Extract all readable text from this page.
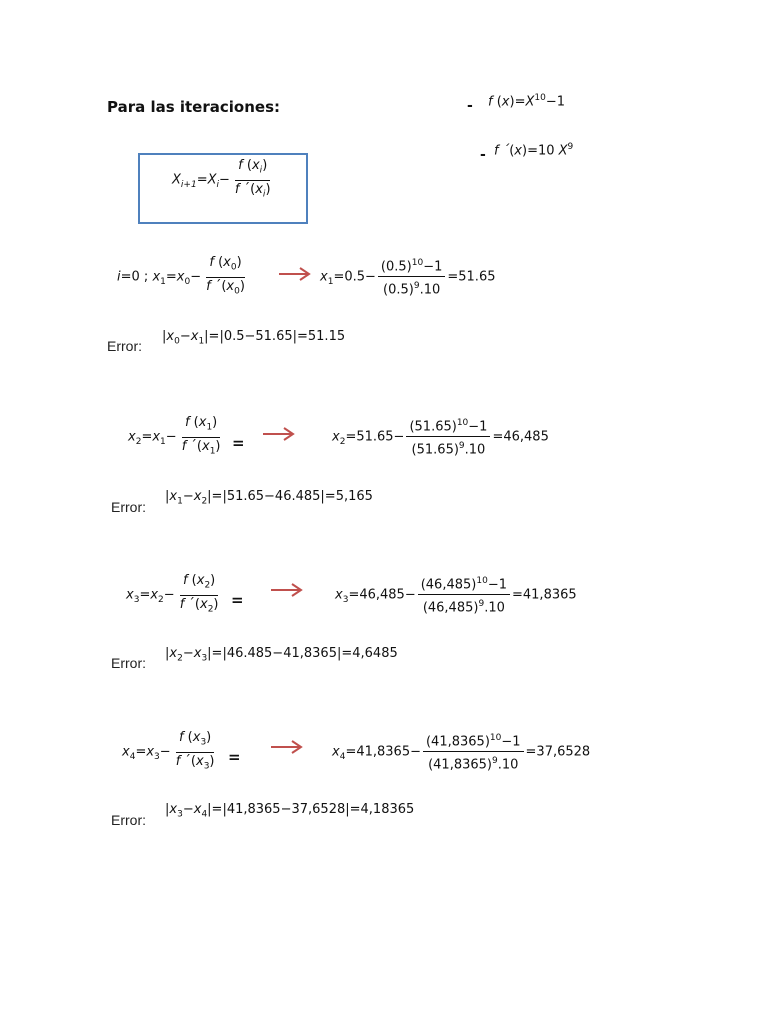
Para las iteraciones:	- f $(x)=X^{10}-1$
- f ´(x)=10 $X^9$
$X_{i+1}=X_i- \frac{f (x_i)}{f ´(x_i)}$
i=0 ; $x_1=x_0- \frac{f (x_0)}{f ´(x_0)}$	$x_1=0.5- \frac{(0.5)^{10}-1}{(0.5)^9.10} =51.65$
Error:
$|x_0-x_1|=|0.5-51.65|=51.15$
$x_2=x_1- \frac{f (x_1)}{f ´(x_1)}$ =	$x_2=51.65- \frac{(51.65)^{10}-1}{(51.65)^9.10} =46,485$
Error:
$|x_1-x_2|=|51.65-46.485|=5,165$
$x_3=x_2- \frac{f (x_2)}{f ´(x_2)}$ =	$x_3=46,485- \frac{(46,485)^{10}-1}{(46,485)^9.10} =41,8365$
Error:
$|x_2-x_3|=|46.485-41,8365|=4,6485$
$x_4=x_3- \frac{f (x_3)}{f ´(x_3)}$ =	$x_4=41,8365- \frac{(41,8365)^{10}-1}{(41,8365)^9.10} =37,6528$
Error:
$|x_3-x_4|=|41,8365-37,6528|=4,18365$
